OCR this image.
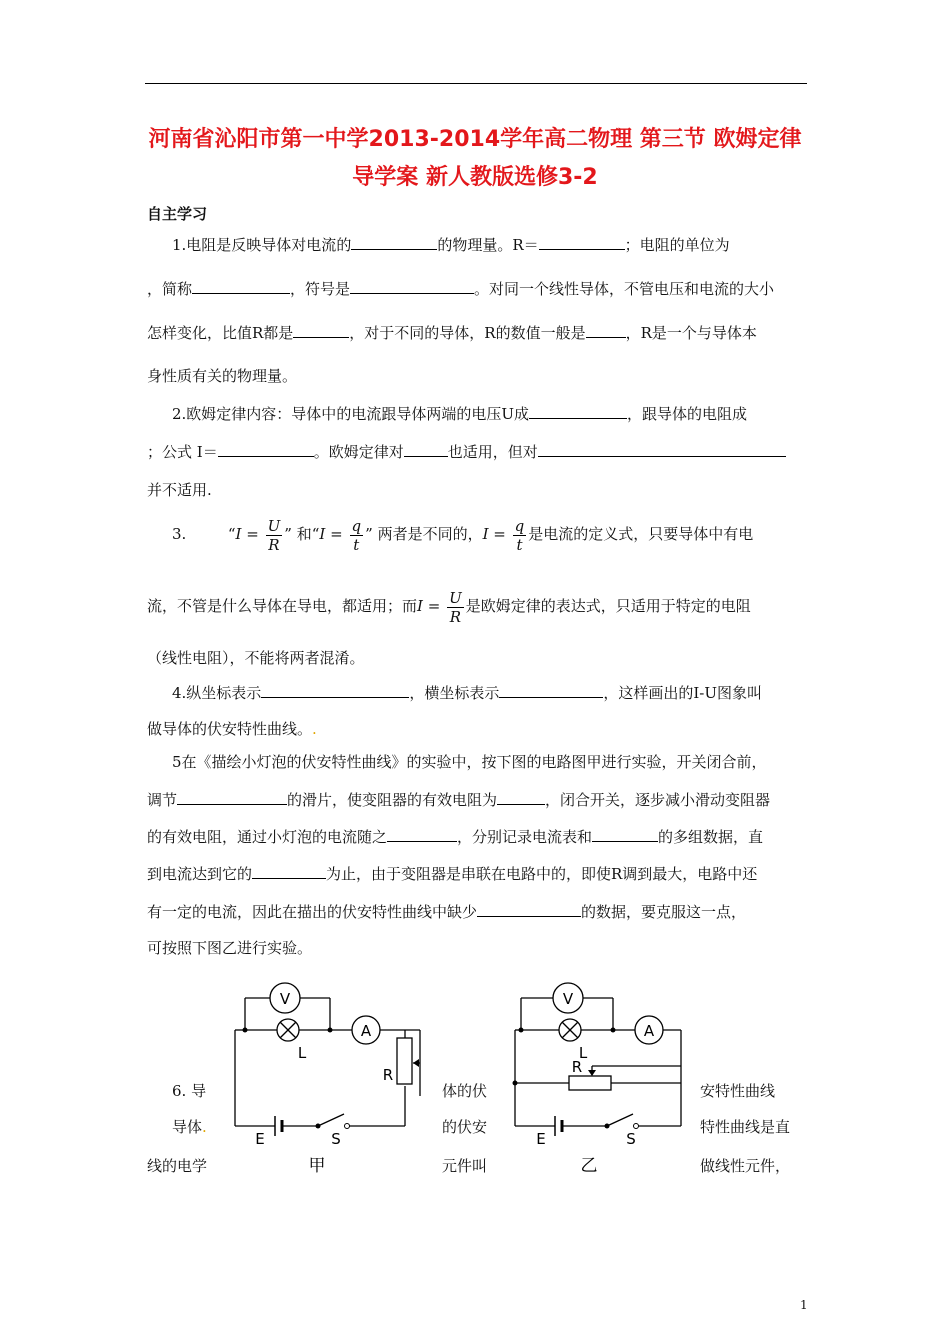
河南省沁阳市第一中学2013-2014学年高二物理 第三节 欧姆定律
导学案 新人教版选修3-2
自主学习
1.电阻是反映导体对电流的	的物理量。R＝	；电阻的单位为
，简称	，符号是	。对同一个线性导体，不管电压和电流的大小
怎样变化，比值R都是	，对于不同的导体，R的数值一般是	，R是一个与导体本
身性质有关的物理量。
2.欧姆定律内容：导体中的电流跟导体两端的电压U成	，跟导体的电阻成
；公式 I＝	。欧姆定律对	也适用，但对
并不适用.
3.	“$I = \frac{U}{R}$ ” 和“$I = \frac{q}{t}$ ” 两者是不同的，$I = \frac{q}{t}$ 是电流的定义式，只要导体中有电
流，不管是什么导体在导电，都适用；而$I = \frac{U}{R}$ 是欧姆定律的表达式，只适用于特定的电阻
（线性电阻），不能将两者混淆。
4.纵坐标表示	，横坐标表示	，这样画出的I-U图象叫
做导体的伏安特性曲线。.
5在《描绘小灯泡的伏安特性曲线》的实验中，按下图的电路图甲进行实验，开关闭合前，
调节	的滑片，使变阻器的有效电阻为	，闭合开关，逐步减小滑动变阻器
的有效电阻，通过小灯泡的电流随之	，分别记录电流表和	的多组数据，直
到电流达到它的	为止，由于变阻器是串联在电路中的，即使R调到最大，电路中还
有一定的电流，因此在描出的伏安特性曲线中缺少	的数据，要克服这一点，
可按照下图乙进行实验。
6. 导
导体.
线的电学
体的伏
的伏安
元件叫
安特性曲线
特性曲线是直
做线性元件，
V
A
L
R
E	S
甲
V
A
L
R
E	S
乙
1
